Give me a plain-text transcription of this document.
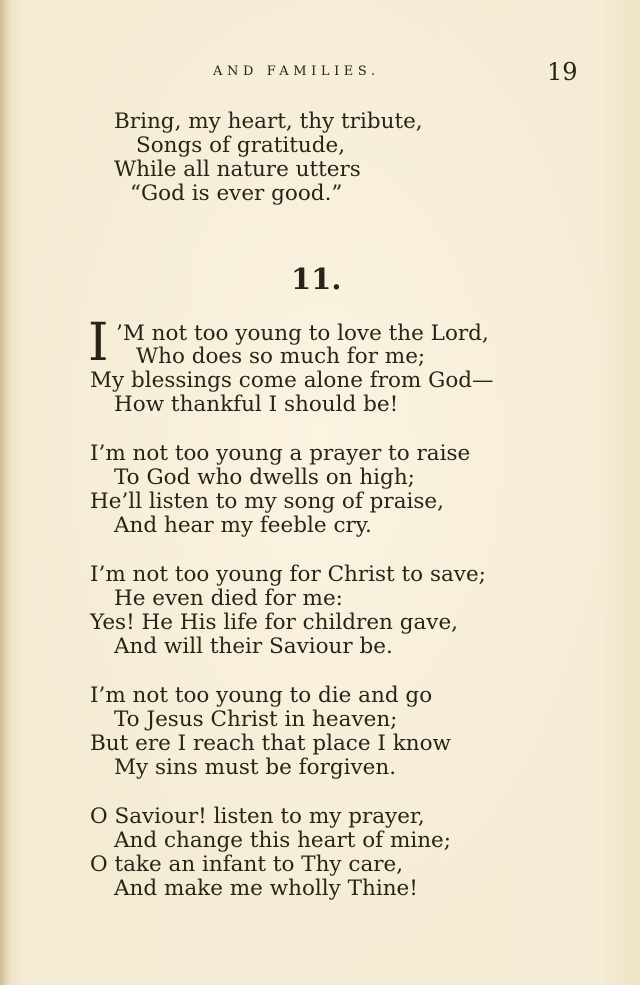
AND FAMILIES.	19
Bring, my heart, thy tribute,
Songs of gratitude,
While all nature utters
“God is ever good.”
11.
I ’M not too young to love the Lord,
Who does so much for me;
My blessings come alone from God—
How thankful I should be!
I’m not too young a prayer to raise
To God who dwells on high;
He’ll listen to my song of praise,
And hear my feeble cry.
I’m not too young for Christ to save;
He even died for me:
Yes! He His life for children gave,
And will their Saviour be.
I’m not too young to die and go
To Jesus Christ in heaven;
But ere I reach that place I know
My sins must be forgiven.
O Saviour! listen to my prayer,
And change this heart of mine;
O take an infant to Thy care,
And make me wholly Thine!
